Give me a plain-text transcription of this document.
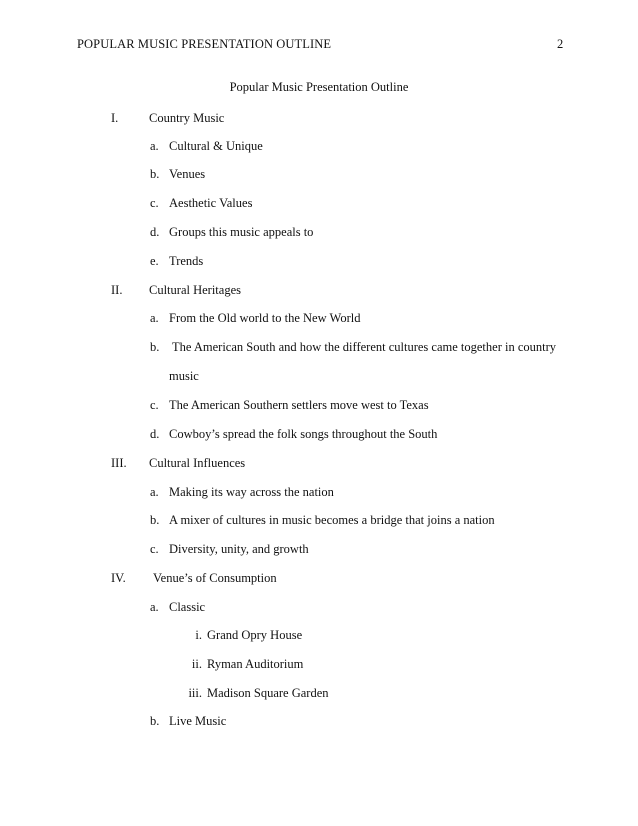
POPULAR MUSIC PRESENTATION OUTLINE	2
Popular Music Presentation Outline
I. Country Music
a. Cultural & Unique
b. Venues
c. Aesthetic Values
d. Groups this music appeals to
e. Trends
II. Cultural Heritages
a. From the Old world to the New World
b. The American South and how the different cultures came together in country
music
c. The American Southern settlers move west to Texas
d. Cowboy’s spread the folk songs throughout the South
III. Cultural Influences
a. Making its way across the nation
b. A mixer of cultures in music becomes a bridge that joins a nation
c. Diversity, unity, and growth
IV. Venue’s of Consumption
a. Classic
i. Grand Opry House
ii. Ryman Auditorium
iii. Madison Square Garden
b. Live Music
